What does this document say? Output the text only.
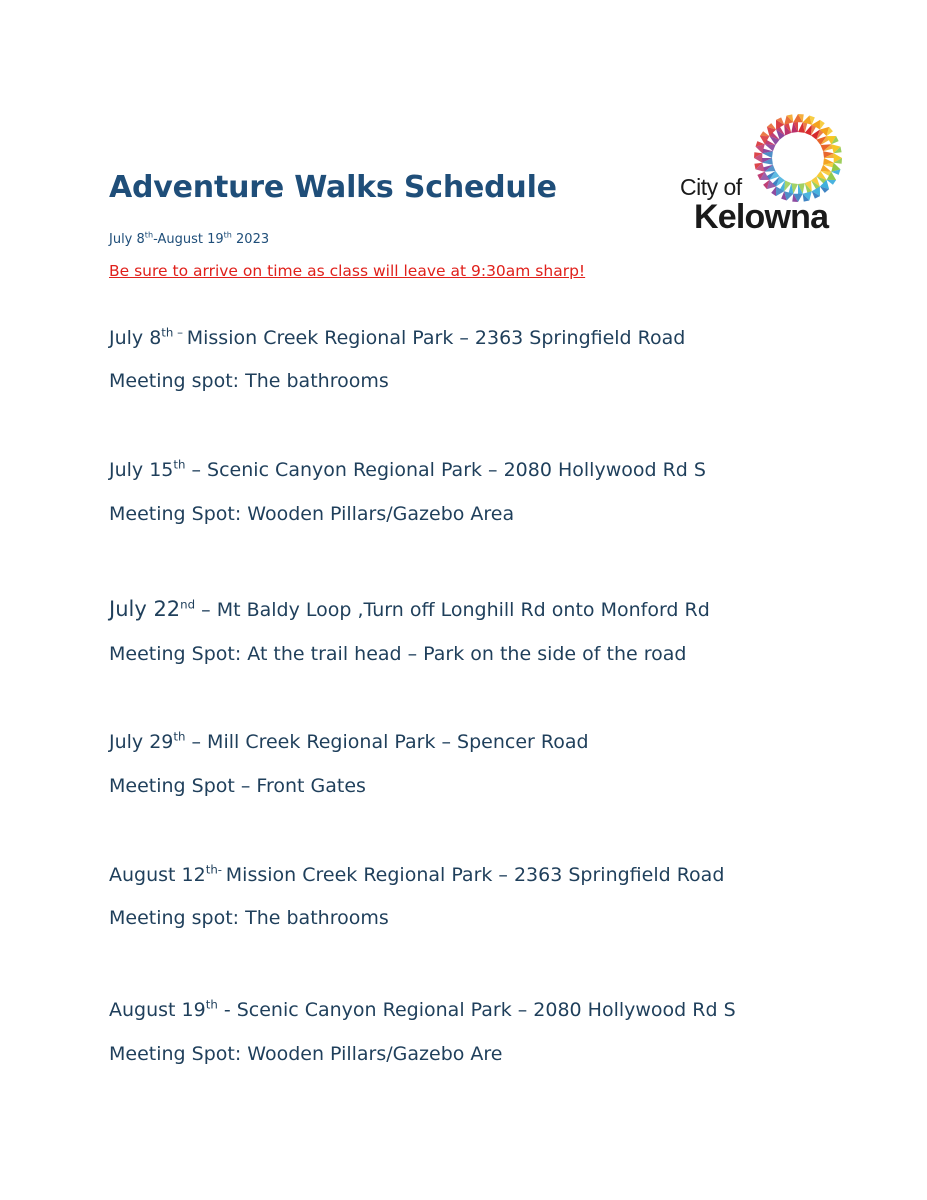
Adventure Walks Schedule
July 8th-August 19th 2023
Be sure to arrive on time as class will leave at 9:30am sharp!
City of
Kelowna
July $8^{th -}$ Mission Creek Regional Park – 2363 Springfield Road
Meeting spot: The bathrooms
July 15th – Scenic Canyon Regional Park – 2080 Hollywood Rd S
Meeting Spot: Wooden Pillars/Gazebo Area
July 22nd – Mt Baldy Loop ,Turn off Longhill Rd onto Monford Rd
Meeting Spot: At the trail head – Park on the side of the road
July 29th – Mill Creek Regional Park – Spencer Road
Meeting Spot – Front Gates
August $12^{th-}$ Mission Creek Regional Park – 2363 Springfield Road
Meeting spot: The bathrooms
August 19th - Scenic Canyon Regional Park – 2080 Hollywood Rd S
Meeting Spot: Wooden Pillars/Gazebo Are
